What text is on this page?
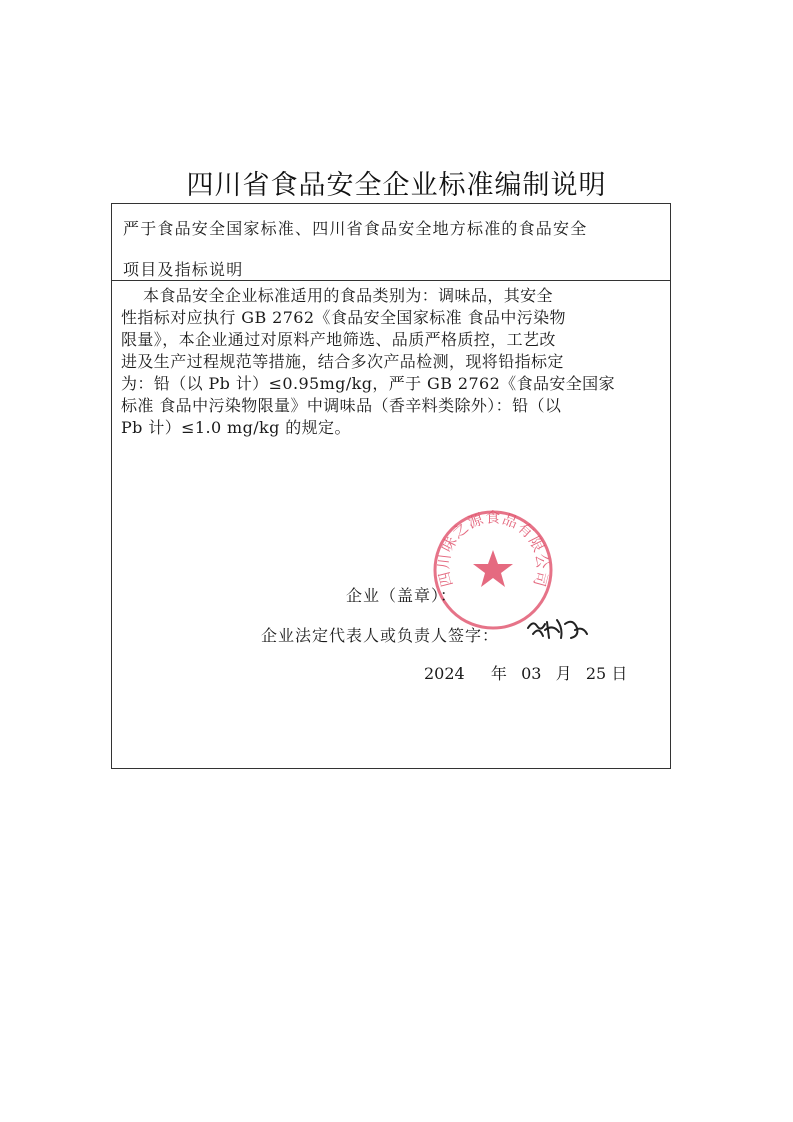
四川省食品安全企业标准编制说明
严于食品安全国家标准、四川省食品安全地方标准的食品安全
项目及指标说明
本食品安全企业标准适用的食品类别为：调味品，其安全
性指标对应执行 GB 2762《食品安全国家标准 食品中污染物
限量》，本企业通过对原料产地筛选、品质严格质控，工艺改
进及生产过程规范等措施，结合多次产品检测，现将铅指标定
为：铅（以 Pb 计）≤0.95mg/kg，严于 GB 2762《食品安全国家
标准 食品中污染物限量》中调味品（香辛料类除外）：铅（以
Pb 计）≤1.0 mg/kg 的规定。
四川味之源食品有限公司
企业（盖章）：
企业法定代表人或负责人签字：
2024 年 03 月 25 日
